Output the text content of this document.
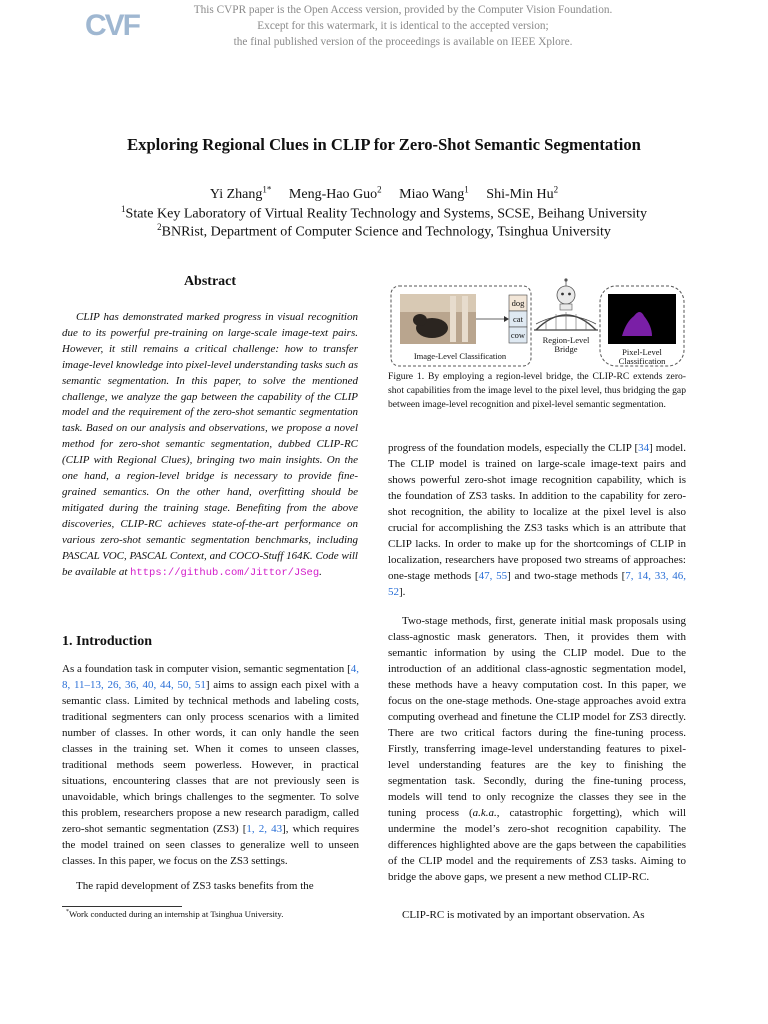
CVF	This CVPR paper is the Open Access version, provided by the Computer Vision Foundation.
Except for this watermark, it is identical to the accepted version;
the final published version of the proceedings is available on IEEE Xplore.
Exploring Regional Clues in CLIP for Zero-Shot Semantic Segmentation
Yi Zhang$^{1*}$ Meng-Hao Guo$^2$ Miao Wang$^1$ Shi-Min Hu$^2$
$^1$State Key Laboratory of Virtual Reality Technology and Systems, SCSE, Beihang University
$^2$BNRist, Department of Computer Science and Technology, Tsinghua University
Abstract

CLIP has demonstrated marked progress in visual recognition due to its powerful pre-training on large-scale image-text pairs. However, it still remains a critical challenge: how to transfer image-level knowledge into pixel-level understanding tasks such as semantic segmentation. In this paper, to solve the mentioned challenge, we analyze the gap between the capability of the CLIP model and the requirement of the zero-shot semantic segmentation task. Based on our analysis and observations, we propose a novel method for zero-shot semantic segmentation, dubbed CLIP-RC (CLIP with Regional Clues), bringing two main insights. On the one hand, a region-level bridge is necessary to provide fine-grained semantics. On the other hand, overfitting should be mitigated during the training stage. Benefiting from the above discoveries, CLIP-RC achieves state-of-the-art performance on various zero-shot semantic segmentation benchmarks, including PASCAL VOC, PASCAL Context, and COCO-Stuff 164K. Code will be available at https://github.com/Jittor/JSeg.

1. Introduction

As a foundation task in computer vision, semantic segmentation [4, 8, 11–13, 26, 36, 40, 44, 50, 51] aims to assign each pixel with a semantic class. Limited by technical methods and labeling costs, traditional segmenters can only process scenarios with a limited number of classes. In other words, it can only handle the seen classes in the training set. When it comes to unseen classes, traditional methods seem powerless. However, in practical situations, encountering classes that are not previously seen is unavoidable, which brings challenges to the segmenter. To solve this problem, researchers propose a new research paradigm, called zero-shot semantic segmentation (ZS3) [1, 2, 43], which requires the model trained on seen classes to generalize well to unseen classes. In this paper, we focus on the ZS3 settings.

The rapid development of ZS3 tasks benefits from the

*Work conducted during an internship at Tsinghua University.
dog
cat
cow
Image-Level Classification
Region-Level Bridge	Pixel-Level Classification

Figure 1. By employing a region-level bridge, the CLIP-RC extends zero-shot capabilities from the image level to the pixel level, thus bridging the gap between image-level recognition and pixel-level semantic segmentation.

progress of the foundation models, especially the CLIP [34] model. The CLIP model is trained on large-scale image-text pairs and shows powerful zero-shot image recognition capability, which is the foundation of ZS3 tasks. In addition to the capability for zero-shot recognition, the ability to localize at the pixel level is also crucial for accomplishing the ZS3 tasks which is an attribute that CLIP lacks. In order to make up for the shortcomings of CLIP in localization, researchers have proposed two streams of approaches: one-stage methods [47, 55] and two-stage methods [7, 14, 33, 46, 52].

Two-stage methods, first, generate initial mask proposals using class-agnostic mask generators. Then, it provides them with semantic information by using the CLIP model. Due to the introduction of an additional class-agnostic segmentation model, these methods have a heavy computation cost. In this paper, we focus on the one-stage methods. One-stage approaches avoid extra computing overhead and finetune the CLIP model for ZS3 directly. There are two critical factors during the fine-tuning process. Firstly, transferring image-level understanding features to pixel-level understanding features are the key to finishing the segmentation task. Secondly, during the fine-tuning process, models will tend to only recognize the classes they see in the tuning process (a.k.a., catastrophic forgetting), which will undermine the model’s zero-shot recognition capability. The differences highlighted above are the gaps between the capabilities of the CLIP model and the requirements of ZS3 tasks. Aiming to bridge the above gaps, we present a new method CLIP-RC.

CLIP-RC is motivated by an important observation. As
